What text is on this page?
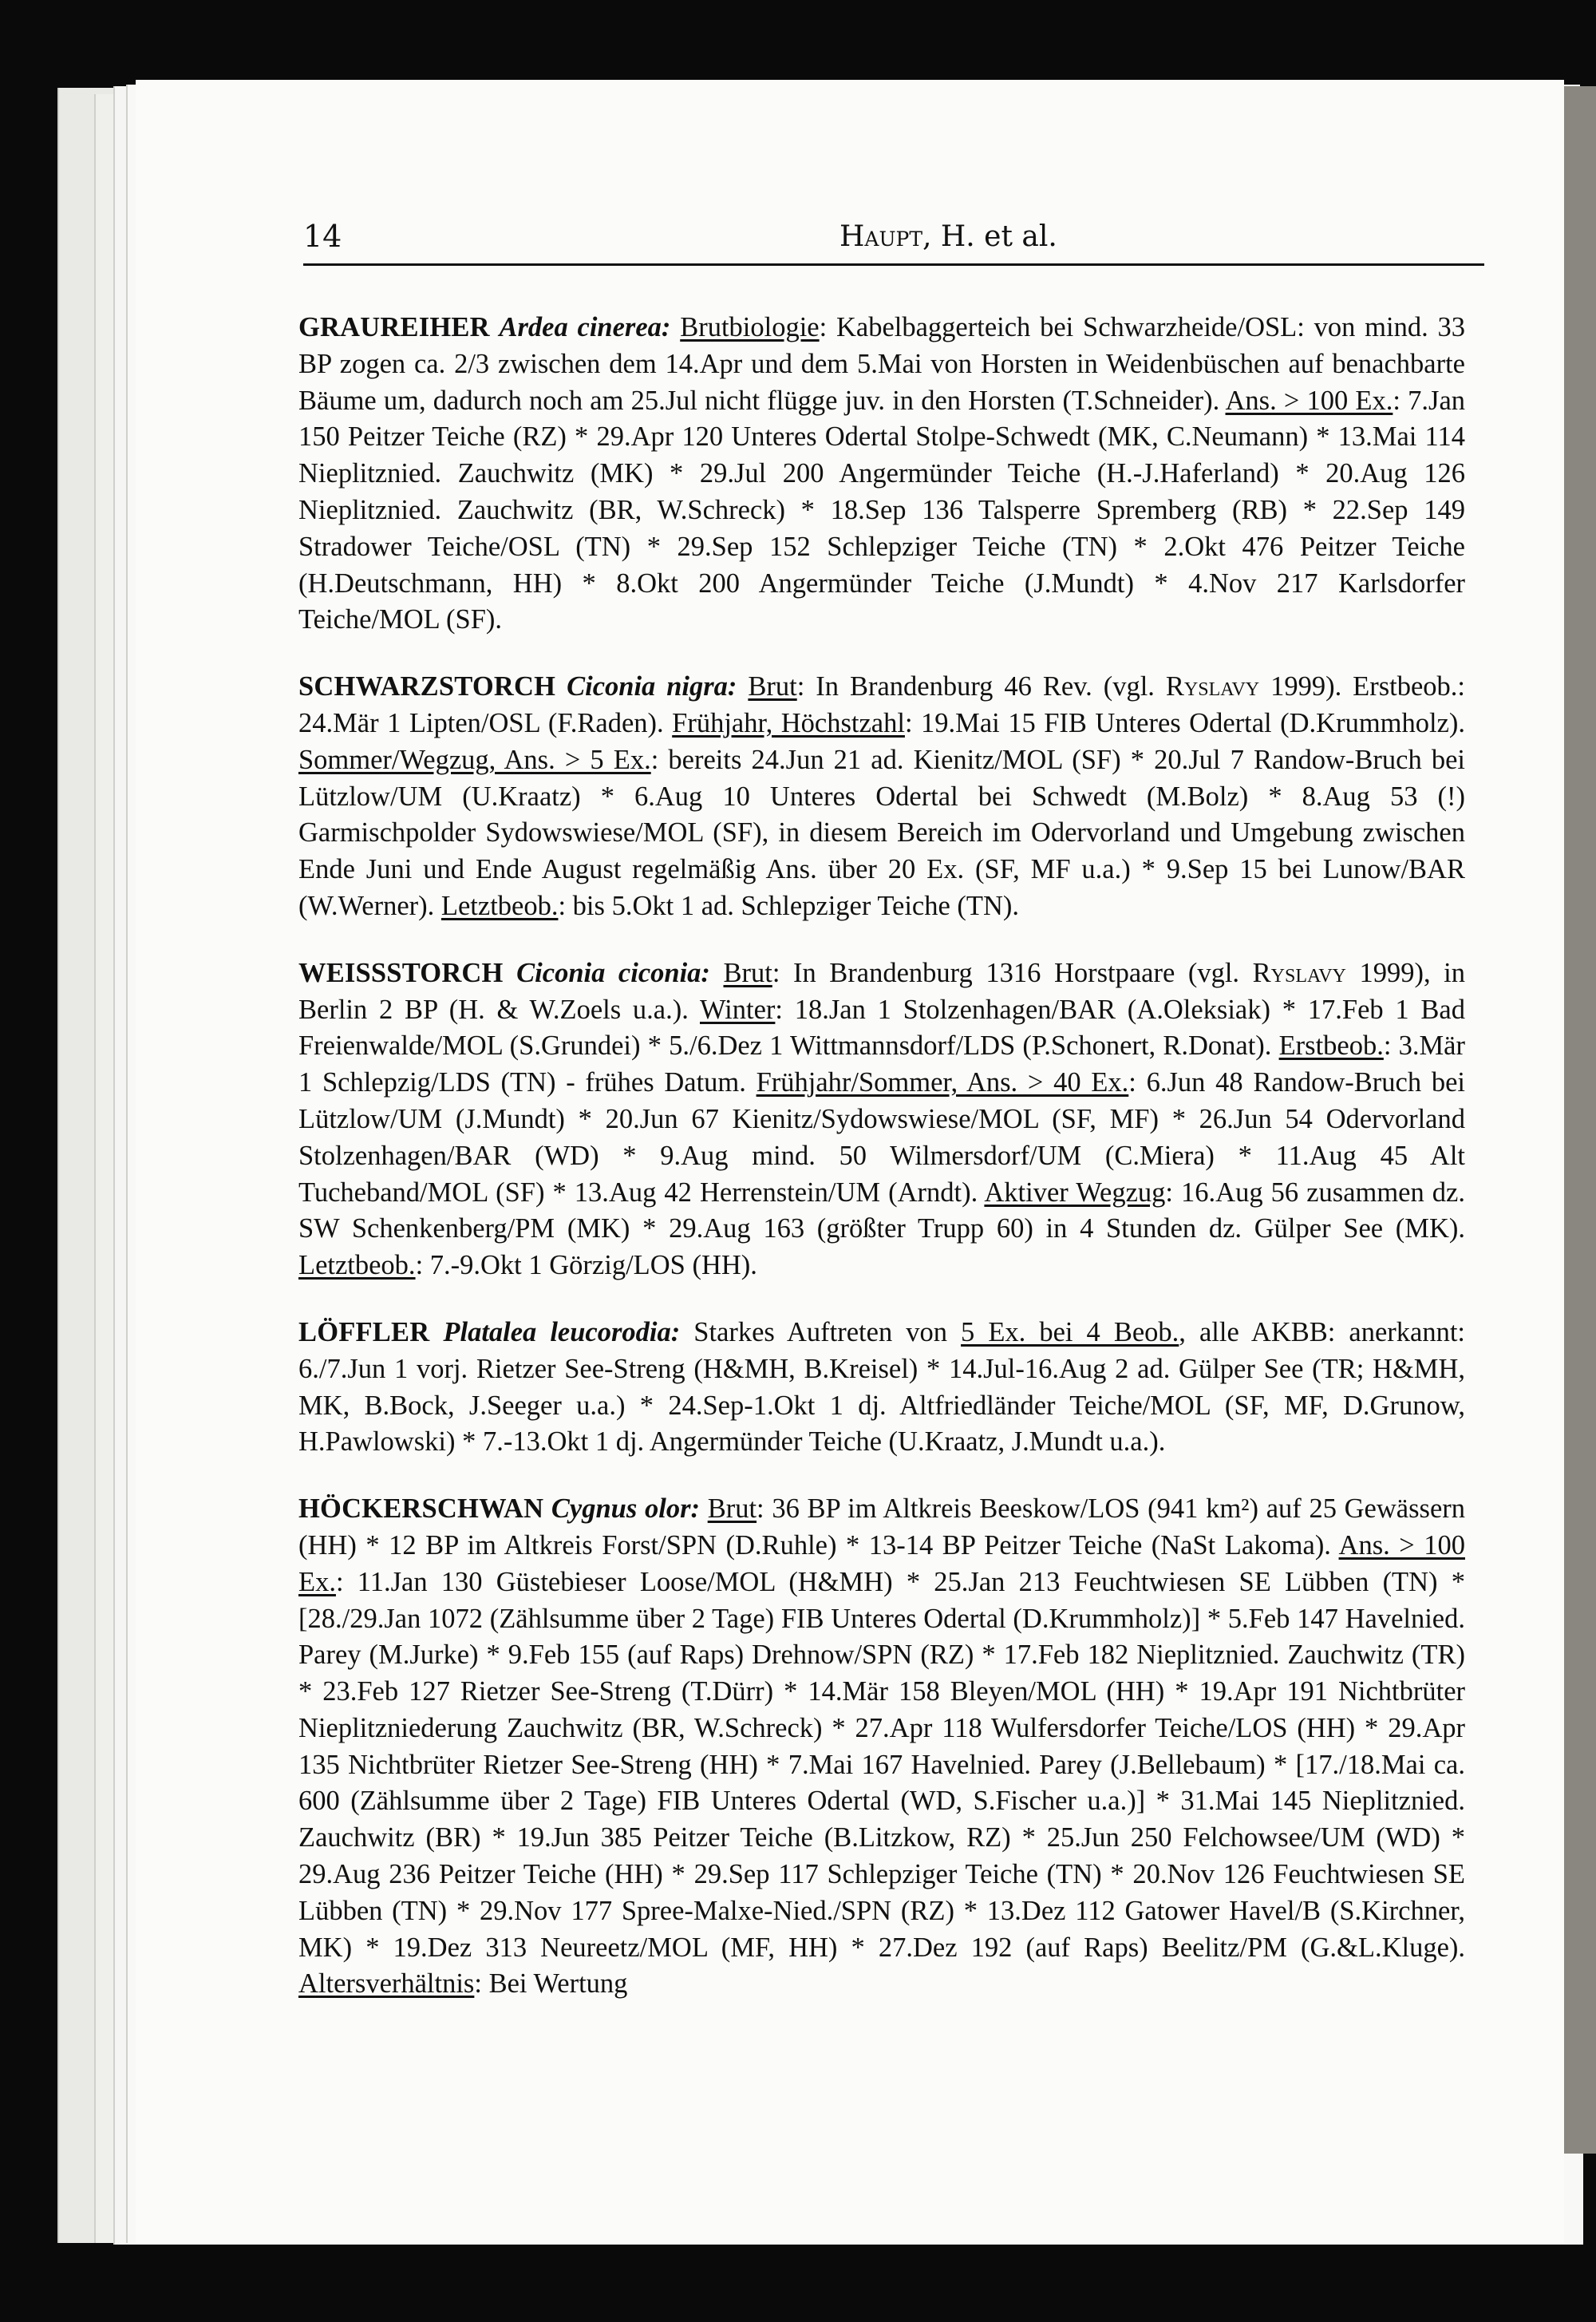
14	Haupt, H. et al.

GRAUREIHER Ardea cinerea: Brutbiologie: Kabelbaggerteich bei Schwarzheide/OSL: von mind. 33 BP zogen ca. 2/3 zwischen dem 14.Apr und dem 5.Mai von Horsten in Weidenbüschen auf benachbarte Bäume um, dadurch noch am 25.Jul nicht flügge juv. in den Horsten (T.Schneider). Ans. > 100 Ex.: 7.Jan 150 Peitzer Teiche (RZ) * 29.Apr 120 Unteres Odertal Stolpe-Schwedt (MK, C.Neumann) * 13.Mai 114 Nieplitznied. Zauchwitz (MK) * 29.Jul 200 Angermünder Teiche (H.-J.Haferland) * 20.Aug 126 Nieplitznied. Zauchwitz (BR, W.Schreck) * 18.Sep 136 Talsperre Spremberg (RB) * 22.Sep 149 Stradower Teiche/OSL (TN) * 29.Sep 152 Schlepziger Teiche (TN) * 2.Okt 476 Peitzer Teiche (H.Deutschmann, HH) * 8.Okt 200 Angermünder Teiche (J.Mundt) * 4.Nov 217 Karlsdorfer Teiche/MOL (SF).

SCHWARZSTORCH Ciconia nigra: Brut: In Brandenburg 46 Rev. (vgl. Ryslavy 1999). Erstbeob.: 24.Mär 1 Lipten/OSL (F.Raden). Frühjahr, Höchstzahl: 19.Mai 15 FIB Unteres Odertal (D.Krummholz). Sommer/Wegzug, Ans. > 5 Ex.: bereits 24.Jun 21 ad. Kienitz/MOL (SF) * 20.Jul 7 Randow-Bruch bei Lützlow/UM (U.Kraatz) * 6.Aug 10 Unteres Odertal bei Schwedt (M.Bolz) * 8.Aug 53 (!) Garmischpolder Sydowswiese/MOL (SF), in diesem Bereich im Odervorland und Umgebung zwischen Ende Juni und Ende August regelmäßig Ans. über 20 Ex. (SF, MF u.a.) * 9.Sep 15 bei Lunow/BAR (W.Werner). Letztbeob.: bis 5.Okt 1 ad. Schlepziger Teiche (TN).

WEISSSTORCH Ciconia ciconia: Brut: In Brandenburg 1316 Horstpaare (vgl. Ryslavy 1999), in Berlin 2 BP (H. & W.Zoels u.a.). Winter: 18.Jan 1 Stolzenhagen/BAR (A.Oleksiak) * 17.Feb 1 Bad Freienwalde/MOL (S.Grundei) * 5./6.Dez 1 Wittmannsdorf/LDS (P.Schonert, R.Donat). Erstbeob.: 3.Mär 1 Schlepzig/LDS (TN) - frühes Datum. Frühjahr/Sommer, Ans. > 40 Ex.: 6.Jun 48 Randow-Bruch bei Lützlow/UM (J.Mundt) * 20.Jun 67 Kienitz/Sydowswiese/MOL (SF, MF) * 26.Jun 54 Odervorland Stolzenhagen/BAR (WD) * 9.Aug mind. 50 Wilmersdorf/UM (C.Miera) * 11.Aug 45 Alt Tucheband/MOL (SF) * 13.Aug 42 Herrenstein/UM (Arndt). Aktiver Wegzug: 16.Aug 56 zusammen dz. SW Schenkenberg/PM (MK) * 29.Aug 163 (größter Trupp 60) in 4 Stunden dz. Gülper See (MK). Letztbeob.: 7.-9.Okt 1 Görzig/LOS (HH).

LÖFFLER Platalea leucorodia: Starkes Auftreten von 5 Ex. bei 4 Beob., alle AKBB: anerkannt: 6./7.Jun 1 vorj. Rietzer See-Streng (H&MH, B.Kreisel) * 14.Jul-16.Aug 2 ad. Gülper See (TR; H&MH, MK, B.Bock, J.Seeger u.a.) * 24.Sep-1.Okt 1 dj. Altfriedländer Teiche/MOL (SF, MF, D.Grunow, H.Pawlowski) * 7.-13.Okt 1 dj. Angermünder Teiche (U.Kraatz, J.Mundt u.a.).

HÖCKERSCHWAN Cygnus olor: Brut: 36 BP im Altkreis Beeskow/LOS (941 km²) auf 25 Gewässern (HH) * 12 BP im Altkreis Forst/SPN (D.Ruhle) * 13-14 BP Peitzer Teiche (NaSt Lakoma). Ans. > 100 Ex.: 11.Jan 130 Güstebieser Loose/MOL (H&MH) * 25.Jan 213 Feuchtwiesen SE Lübben (TN) * [28./29.Jan 1072 (Zählsumme über 2 Tage) FIB Unteres Odertal (D.Krummholz)] * 5.Feb 147 Havelnied. Parey (M.Jurke) * 9.Feb 155 (auf Raps) Drehnow/SPN (RZ) * 17.Feb 182 Nieplitznied. Zauchwitz (TR) * 23.Feb 127 Rietzer See-Streng (T.Dürr) * 14.Mär 158 Bleyen/MOL (HH) * 19.Apr 191 Nichtbrüter Nieplitzniederung Zauchwitz (BR, W.Schreck) * 27.Apr 118 Wulfersdorfer Teiche/LOS (HH) * 29.Apr 135 Nichtbrüter Rietzer See-Streng (HH) * 7.Mai 167 Havelnied. Parey (J.Bellebaum) * [17./18.Mai ca. 600 (Zählsumme über 2 Tage) FIB Unteres Odertal (WD, S.Fischer u.a.)] * 31.Mai 145 Nieplitznied. Zauchwitz (BR) * 19.Jun 385 Peitzer Teiche (B.Litzkow, RZ) * 25.Jun 250 Felchowsee/UM (WD) * 29.Aug 236 Peitzer Teiche (HH) * 29.Sep 117 Schlepziger Teiche (TN) * 20.Nov 126 Feuchtwiesen SE Lübben (TN) * 29.Nov 177 Spree-Malxe-Nied./SPN (RZ) * 13.Dez 112 Gatower Havel/B (S.Kirchner, MK) * 19.Dez 313 Neureetz/MOL (MF, HH) * 27.Dez 192 (auf Raps) Beelitz/PM (G.&L.Kluge). Altersverhältnis: Bei Wertung
